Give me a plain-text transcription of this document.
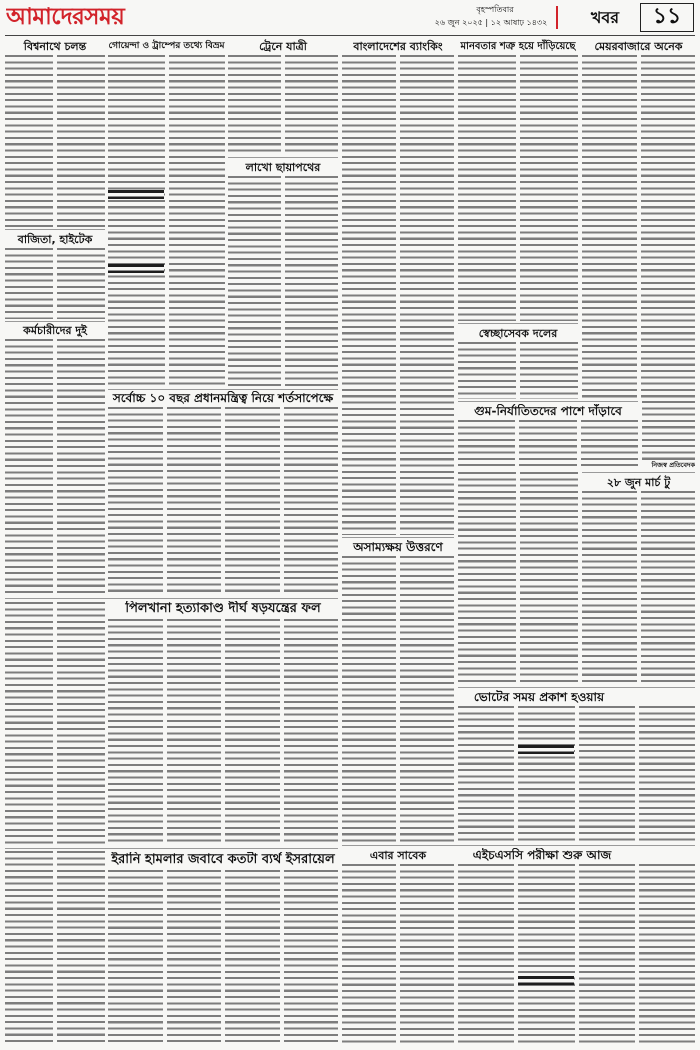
আমাদেরসময়	বৃহস্পতিবার
২৬ জুন ২০২৫ | ১২ আষাঢ় ১৪৩২	খবর	১১
বিশ্বনাথে চলন্ত
বাজিতা, হাইটেক
কর্মচারীদের দুই
গোয়েন্দা ও ট্রাম্পের তথ্যে বিভ্রম	ট্রেনে যাত্রী
লাখো ছায়াপথের
সর্বোচ্চ ১০ বছর প্রধানমন্ত্রিত্ব নিয়ে শর্তসাপেক্ষে
পিলখানা হত্যাকাণ্ড দীর্ঘ ষড়যন্ত্রের ফল
ইরানি হামলার জবাবে কতটা ব্যর্থ ইসরায়েল
বাংলাদেশের ব্যাংকিং
অসাম্যক্ষয় উত্তরণে
এবার সাবেক
মানবতার শত্রু হয়ে দাঁড়িয়েছে
স্বেচ্ছাসেবক দলের
গুম-নির্যাতিতদের পাশে দাঁড়াবে
ভোটের সময় প্রকাশ হওয়ায়
এইচএসসি পরীক্ষা শুরু আজ
মেয়রবাজারে অনেক
নিজস্ব প্রতিবেদক
২৮ জুন মার্চ টু
